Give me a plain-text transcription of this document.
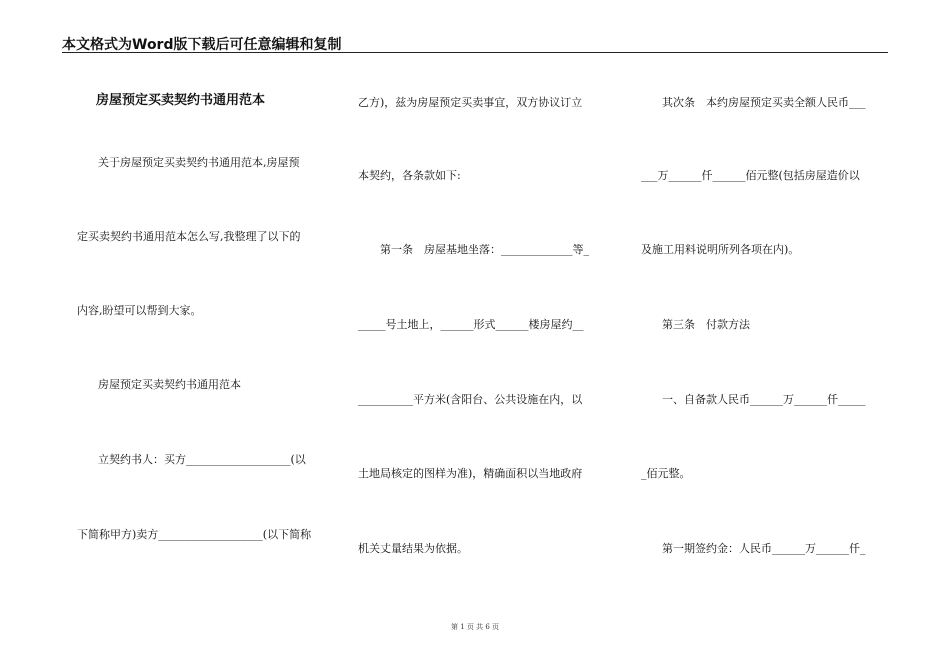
本文格式为Word版下载后可任意编辑和复制
房屋预定买卖契约书通用范本
关于房屋预定买卖契约书通用范本,房屋预
定买卖契约书通用范本怎么写,我整理了以下的
内容,盼望可以帮到大家。
房屋预定买卖契约书通用范本
立契约书人：买方___________________(以
下简称甲方)卖方___________________(以下简称
乙方)，兹为房屋预定买卖事宜，双方协议订立
本契约，各条款如下:
第一条　房屋基地坐落：_____________等_
_____号土地上，______形式______楼房屋约__
__________平方米(含阳台、公共设施在内，以
土地局核定的图样为准)，精确面积以当地政府
机关丈量结果为依据。
其次条　本约房屋预定买卖全额人民币___
___万______仟______佰元整(包括房屋造价以
及施工用料说明所列各项在内)。
第三条　付款方法
一、自备款人民币______万______仟_____
_佰元整。
第一期签约金：人民币______万______仟_
第 1 页 共 6 页
